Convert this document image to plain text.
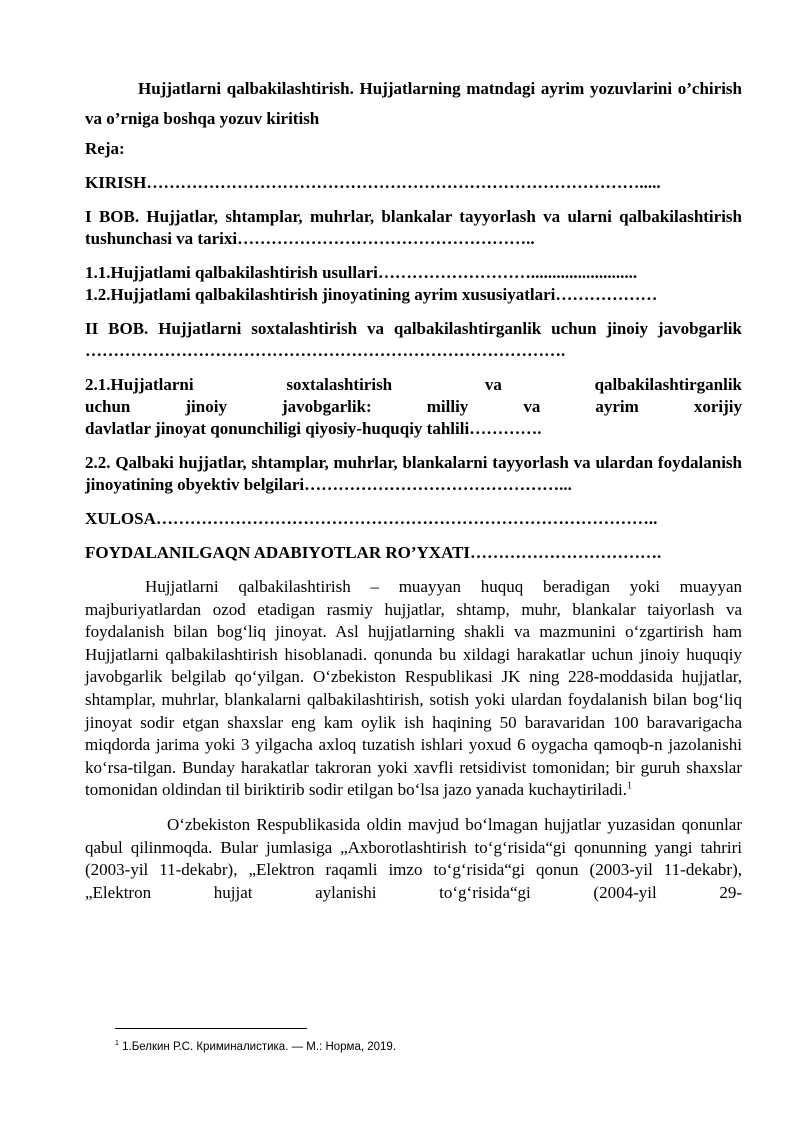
Hujjatlarni qalbakilashtirish. Hujjatlarning matndagi ayrim yozuvlarini o’chirish va o’rniga boshqa yozuv kiritish

Reja:

KIRISH…………………………………………………………………………….....

I BOB. Hujjatlar, shtamplar, muhrlar, blankalar tayyorlash va ularni qalbakilashtirish tushunchasi va tarixi……………………………………………..

1.1.Hujjatlami qalbakilashtirish usullari……………………….........................

1.2.Hujjatlami qalbakilashtirish jinoyatining ayrim xususiyatlari………………

II BOB. Hujjatlarni soxtalashtirish va qalbakilashtirganlik uchun jinoiy javobgarlik ………………………………………………………………………….

2.1.Hujjatlarni soxtalashtirish va qalbakilashtirganlik

uchun jinoiy javobgarlik: milliy va ayrim xorijiy

davlatlar jinoyat qonunchiligi qiyosiy-huquqiy tahlili………….

2.2. Qalbaki hujjatlar, shtamplar, muhrlar, blankalarni tayyorlash va ulardan foydalanish jinoyatining obyektiv belgilari………………………………………...

XULOSA……………………………………………………………………………..

FOYDALANILGAQN ADABIYOTLAR RO’YXATI…………………………….

Hujjatlarni qalbakilashtirish – muayyan huquq beradigan yoki muayyan majburiyatlardan ozod etadigan rasmiy hujjatlar, shtamp, muhr, blankalar taiyorlash va foydalanish bilan bog‘liq jinoyat. Asl hujjatlarning shakli va mazmunini o‘zgartirish ham Hujjatlarni qalbakilashtirish hisoblanadi. qonunda bu xildagi harakatlar uchun jinoiy huquqiy javobgarlik belgilab qo‘yilgan. O‘zbekiston Respublikasi JK ning 228-moddasida hujjatlar, shtamplar, muhrlar, blankalarni qalbakilashtirish, sotish yoki ulardan foydalanish bilan bog‘liq jinoyat sodir etgan shaxslar eng kam oylik ish haqining 50 baravaridan 100 baravarigacha miqdorda jarima yoki 3 yilgacha axloq tuzatish ishlari yoxud 6 oygacha qamoqb-n jazolanishi ko‘rsa-tilgan. Bunday harakatlar takroran yoki xavfli retsidivist tomonidan; bir guruh shaxslar tomonidan oldindan til biriktirib sodir etilgan bo‘lsa jazo yanada kuchaytiriladi.$^1$

O‘zbekiston Respublikasida oldin mavjud bo‘lmagan hujjatlar yuzasidan qonunlar qabul qilinmoqda. Bular jumlasiga „Axborotlashtirish to‘g‘risida“gi qonunning yangi tahriri (2003-yil 11-dekabr), „Elektron raqamli imzo to‘g‘risida“gi qonun (2003-yil 11-dekabr), „Elektron hujjat aylanishi to‘g‘risida“gi (2004-yil 29-

$^1$ 1.Белкин Р.С. Криминалистика. — М.: Норма, 2019.
